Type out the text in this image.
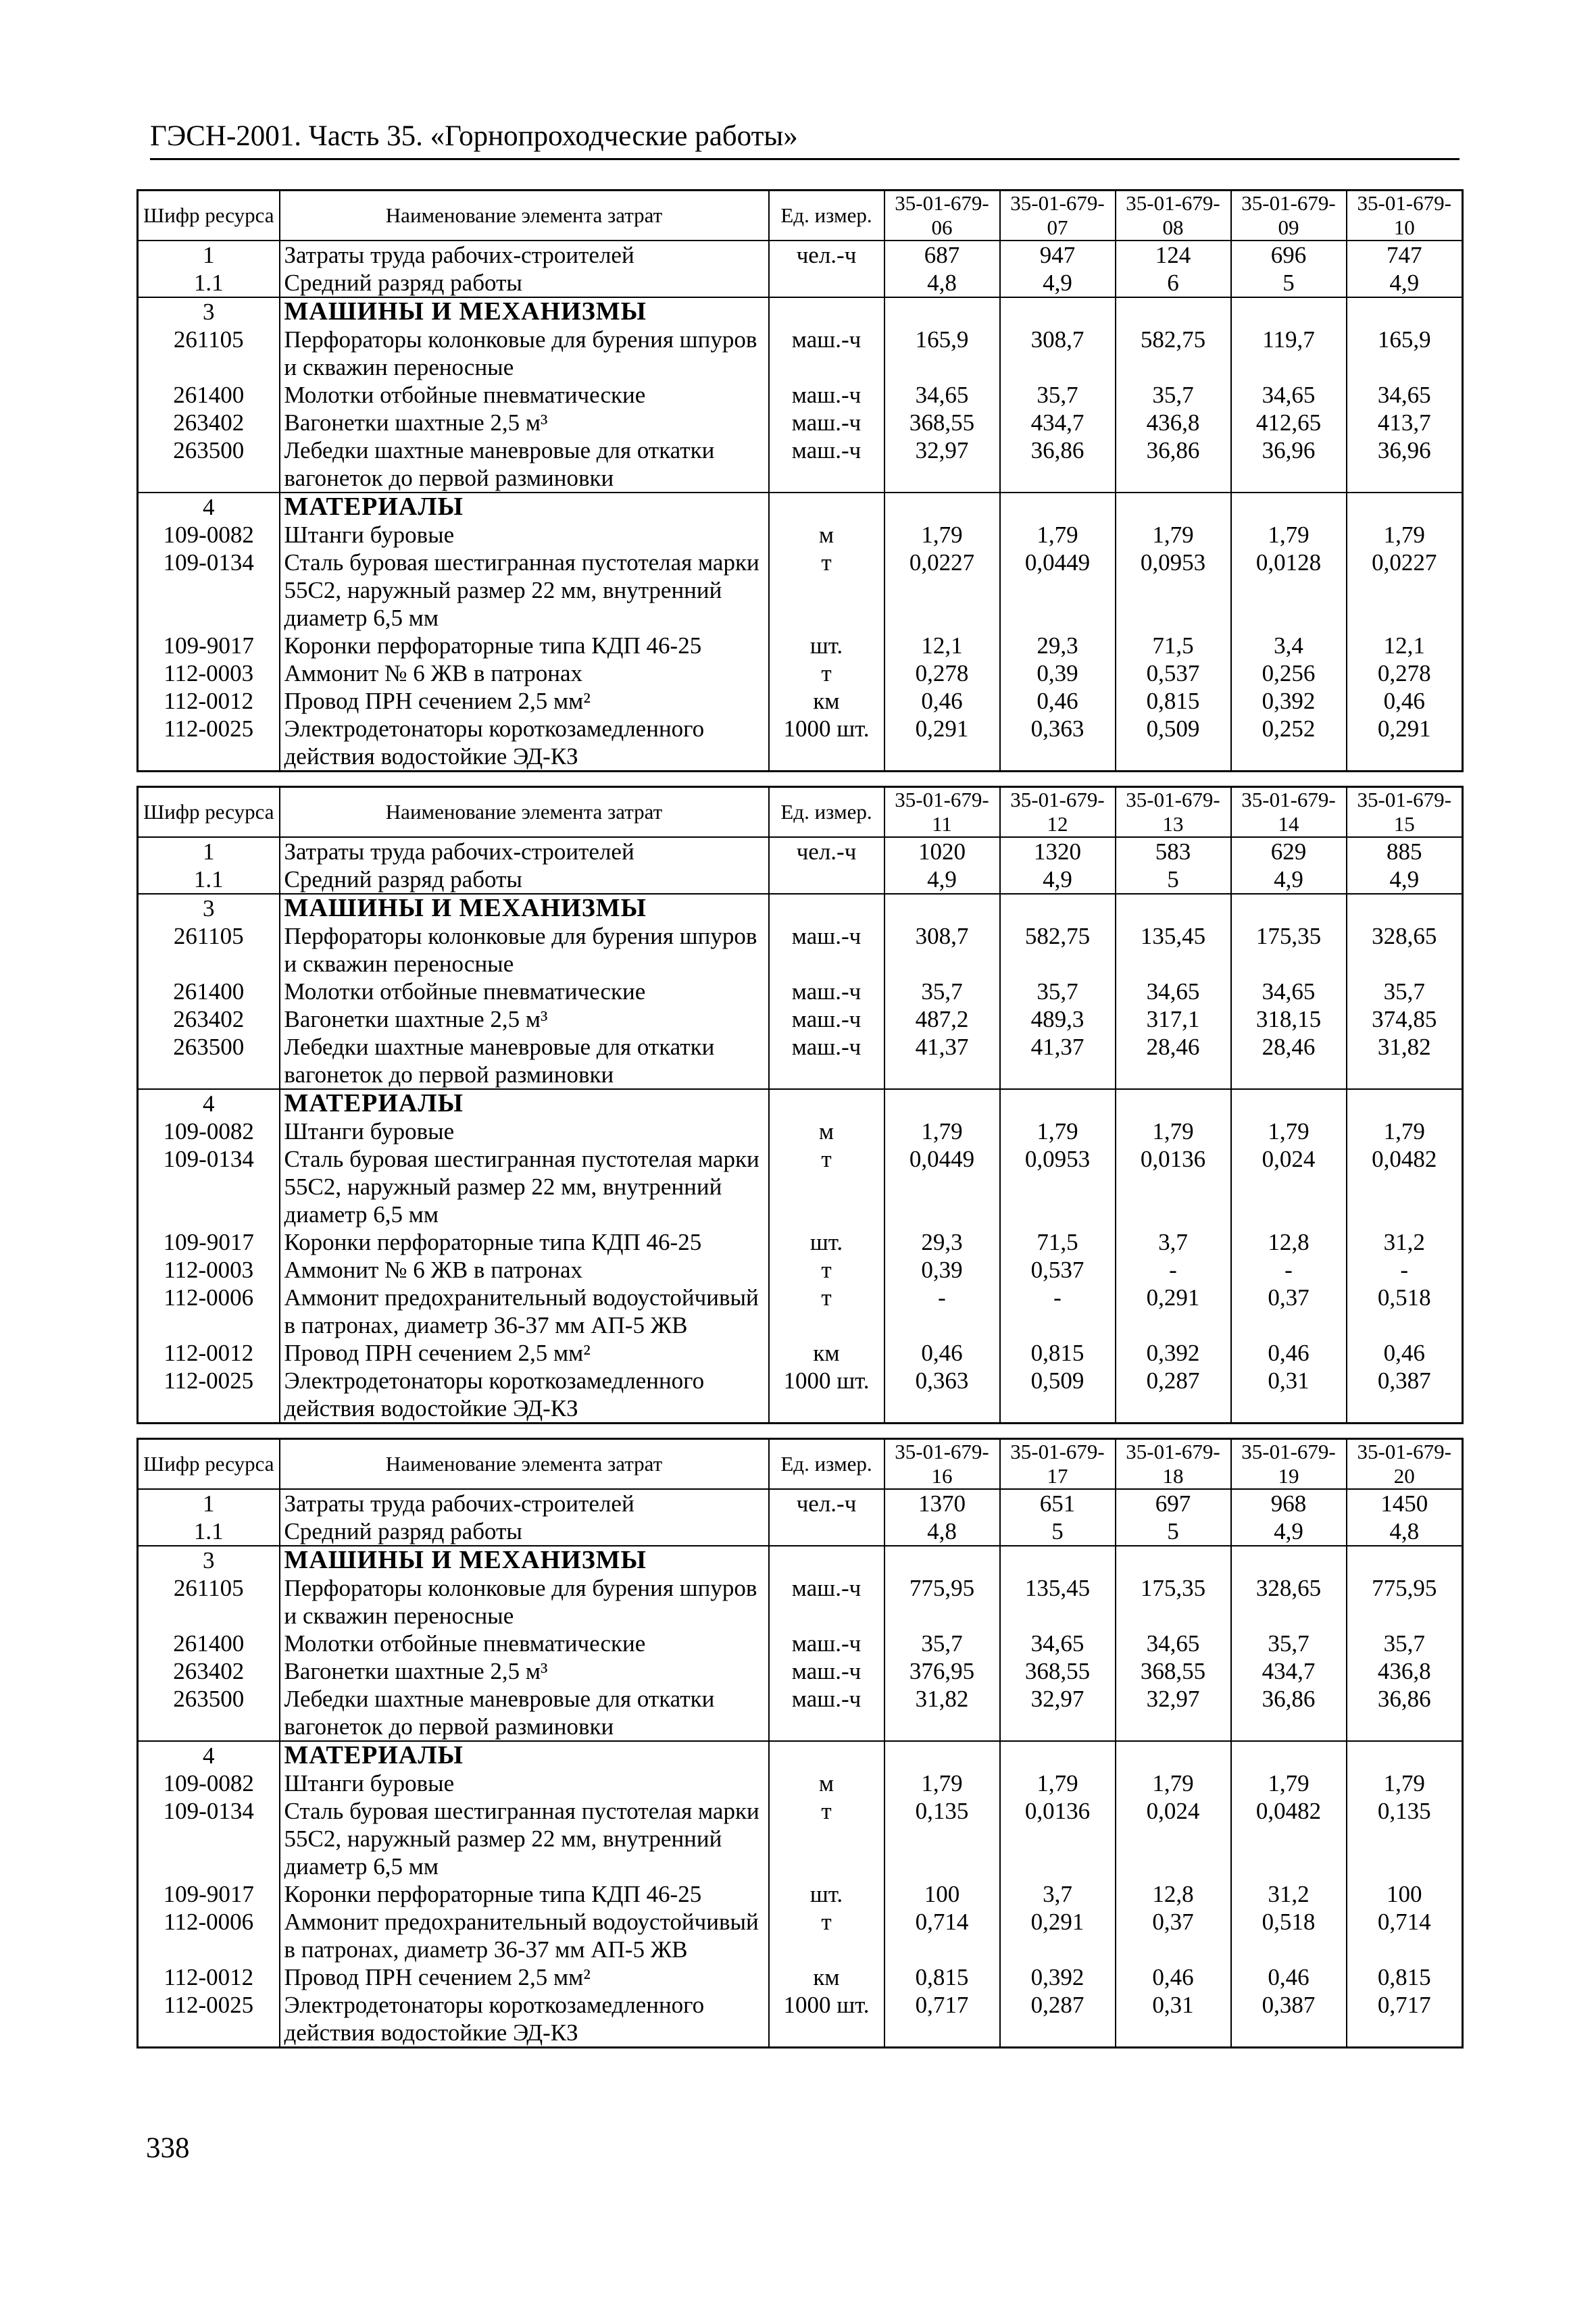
ГЭСН-2001. Часть 35. «Горнопроходческие работы»
Шифр ресурса	Наименование элемента затрат	Ед. измер.	35-01-679-06	35-01-679-07	35-01-679-08	35-01-679-09	35-01-679-10
1	Затраты труда рабочих-строителей	чел.-ч	687	947	124	696	747
1.1	Средний разряд работы		4,8	4,9	6	5	4,9
3	МАШИНЫ И МЕХАНИЗМЫ						
261105	Перфораторы колонковые для бурения шпуров и скважин переносные	маш.-ч	165,9	308,7	582,75	119,7	165,9
261400	Молотки отбойные пневматические	маш.-ч	34,65	35,7	35,7	34,65	34,65
263402	Вагонетки шахтные 2,5 м³	маш.-ч	368,55	434,7	436,8	412,65	413,7
263500	Лебедки шахтные маневровые для откатки вагонеток до первой разминовки	маш.-ч	32,97	36,86	36,86	36,96	36,96
4	МАТЕРИАЛЫ						
109-0082	Штанги буровые	м	1,79	1,79	1,79	1,79	1,79
109-0134	Сталь буровая шестигранная пустотелая марки 55С2, наружный размер 22 мм, внутренний диаметр 6,5 мм	т	0,0227	0,0449	0,0953	0,0128	0,0227
109-9017	Коронки перфораторные типа КДП 46-25	шт.	12,1	29,3	71,5	3,4	12,1
112-0003	Аммонит № 6 ЖВ в патронах	т	0,278	0,39	0,537	0,256	0,278
112-0012	Провод ПРН сечением 2,5 мм²	км	0,46	0,46	0,815	0,392	0,46
112-0025	Электродетонаторы короткозамедленного действия водостойкие ЭД-КЗ	1000 шт.	0,291	0,363	0,509	0,252	0,291
Шифр ресурса	Наименование элемента затрат	Ед. измер.	35-01-679-11	35-01-679-12	35-01-679-13	35-01-679-14	35-01-679-15
1	Затраты труда рабочих-строителей	чел.-ч	1020	1320	583	629	885
1.1	Средний разряд работы		4,9	4,9	5	4,9	4,9
3	МАШИНЫ И МЕХАНИЗМЫ						
261105	Перфораторы колонковые для бурения шпуров и скважин переносные	маш.-ч	308,7	582,75	135,45	175,35	328,65
261400	Молотки отбойные пневматические	маш.-ч	35,7	35,7	34,65	34,65	35,7
263402	Вагонетки шахтные 2,5 м³	маш.-ч	487,2	489,3	317,1	318,15	374,85
263500	Лебедки шахтные маневровые для откатки вагонеток до первой разминовки	маш.-ч	41,37	41,37	28,46	28,46	31,82
4	МАТЕРИАЛЫ						
109-0082	Штанги буровые	м	1,79	1,79	1,79	1,79	1,79
109-0134	Сталь буровая шестигранная пустотелая марки 55С2, наружный размер 22 мм, внутренний диаметр 6,5 мм	т	0,0449	0,0953	0,0136	0,024	0,0482
109-9017	Коронки перфораторные типа КДП 46-25	шт.	29,3	71,5	3,7	12,8	31,2
112-0003	Аммонит № 6 ЖВ в патронах	т	0,39	0,537	-	-	-
112-0006	Аммонит предохранительный водоустойчивый в патронах, диаметр 36-37 мм АП-5 ЖВ	т	-	-	0,291	0,37	0,518
112-0012	Провод ПРН сечением 2,5 мм²	км	0,46	0,815	0,392	0,46	0,46
112-0025	Электродетонаторы короткозамедленного действия водостойкие ЭД-КЗ	1000 шт.	0,363	0,509	0,287	0,31	0,387
Шифр ресурса	Наименование элемента затрат	Ед. измер.	35-01-679-16	35-01-679-17	35-01-679-18	35-01-679-19	35-01-679-20
1	Затраты труда рабочих-строителей	чел.-ч	1370	651	697	968	1450
1.1	Средний разряд работы		4,8	5	5	4,9	4,8
3	МАШИНЫ И МЕХАНИЗМЫ						
261105	Перфораторы колонковые для бурения шпуров и скважин переносные	маш.-ч	775,95	135,45	175,35	328,65	775,95
261400	Молотки отбойные пневматические	маш.-ч	35,7	34,65	34,65	35,7	35,7
263402	Вагонетки шахтные 2,5 м³	маш.-ч	376,95	368,55	368,55	434,7	436,8
263500	Лебедки шахтные маневровые для откатки вагонеток до первой разминовки	маш.-ч	31,82	32,97	32,97	36,86	36,86
4	МАТЕРИАЛЫ						
109-0082	Штанги буровые	м	1,79	1,79	1,79	1,79	1,79
109-0134	Сталь буровая шестигранная пустотелая марки 55С2, наружный размер 22 мм, внутренний диаметр 6,5 мм	т	0,135	0,0136	0,024	0,0482	0,135
109-9017	Коронки перфораторные типа КДП 46-25	шт.	100	3,7	12,8	31,2	100
112-0006	Аммонит предохранительный водоустойчивый в патронах, диаметр 36-37 мм АП-5 ЖВ	т	0,714	0,291	0,37	0,518	0,714
112-0012	Провод ПРН сечением 2,5 мм²	км	0,815	0,392	0,46	0,46	0,815
112-0025	Электродетонаторы короткозамедленного действия водостойкие ЭД-КЗ	1000 шт.	0,717	0,287	0,31	0,387	0,717
338
